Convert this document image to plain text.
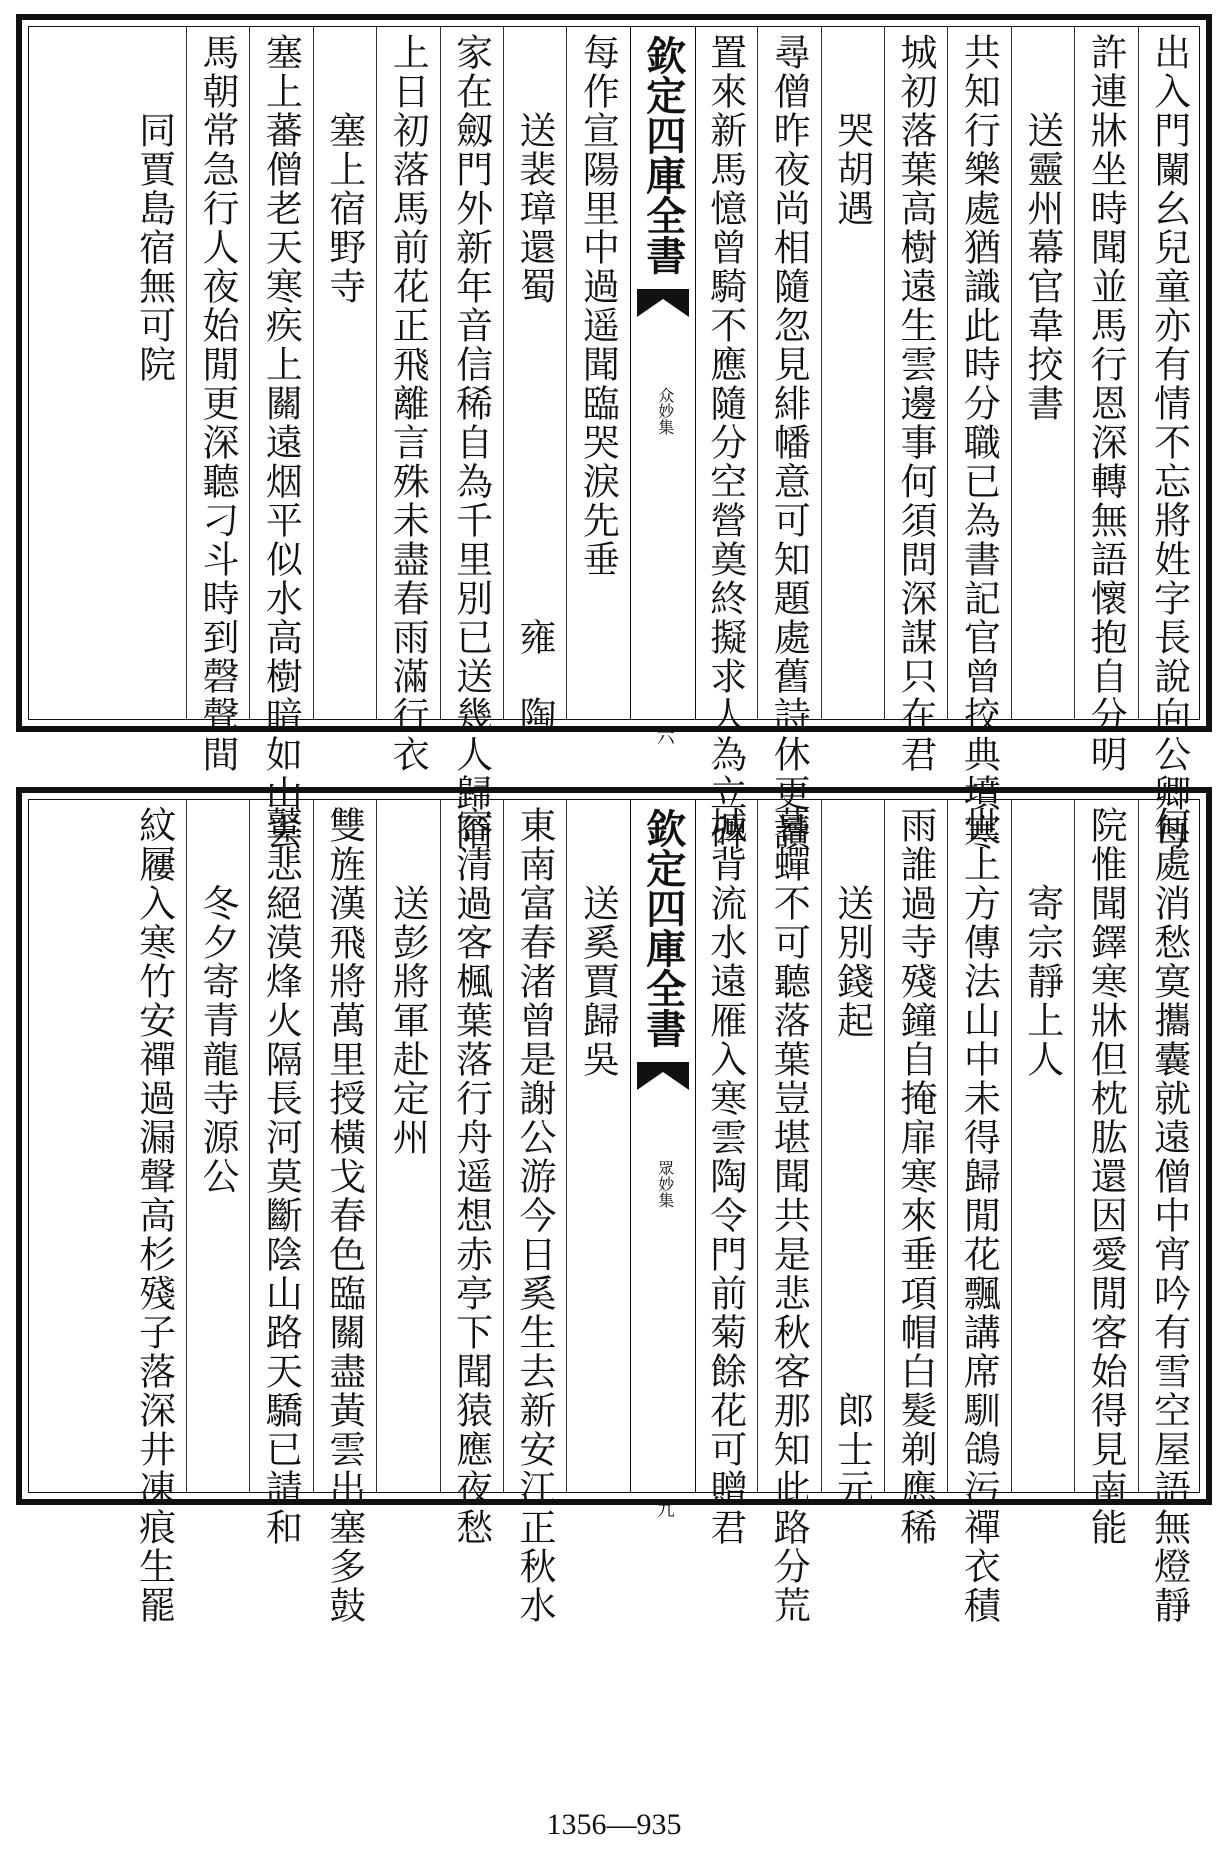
出入門闌幺兒童亦有情不忘將姓字長說向公卿每
許連牀坐時聞並馬行恩深轉無語懷抱自分明
　　送靈州幕官韋挍書
共知行樂處猶識此時分職已為書記官曾挍典墳寒
城初落葉高樹遠生雲邊事何須問深謀只在君
　　哭胡遇
尋僧昨夜尚相隨忽見緋幡意可知題處舊詩休更讀
置來新馬憶曾騎不應隨分空營奠終擬求人為立碑
欽定四庫全書
众妙集
六
每作宣陽里中過遥聞臨哭淚先垂
　　送裴璋還蜀　　　　　　　　雍　陶
家在劔門外新年音信稀自為千里別已送幾人歸陌
上日初落馬前花正飛離言殊未盡春雨滿行衣
　　塞上宿野寺
塞上蕃僧老天寒疾上關遠烟平似水高樹暗如山去
馬朝常急行人夜始閒更深聽刁斗時到磬聲間
　　同賈島宿無可院
何處消愁寞攜囊就遠僧中宵吟有雪空屋語無燈靜
院惟聞鐸寒牀但枕肱還因愛閒客始得見南能
　　寄宗靜上人
世上方傳法山中未得歸閒花飄講席馴鴿污禪衣積
雨誰過寺殘鐘自掩扉寒來垂項帽白髮剃應稀
　　送別錢起　　　　　　　　　郎士元
暮蟬不可聽落葉豈堪聞共是悲秋客那知此路分荒
城背流水遠雁入寒雲陶令門前菊餘花可贈君
欽定四庫全書
眾妙集
九
　　送奚賈歸吳
東南富春渚曾是謝公游今日奚生去新安江正秋水
容清過客楓葉落行舟遥想赤亭下聞猿應夜愁
　　送彭將軍赴定州
雙旌漢飛將萬里授橫戈春色臨關盡黃雲出塞多鼓
鼙悲絕漠烽火隔長河莫斷陰山路天驕已請和
　　冬夕寄青龍寺源公
紋屨入寒竹安禪過漏聲高杉殘子落深井凍痕生罷
1356—935
